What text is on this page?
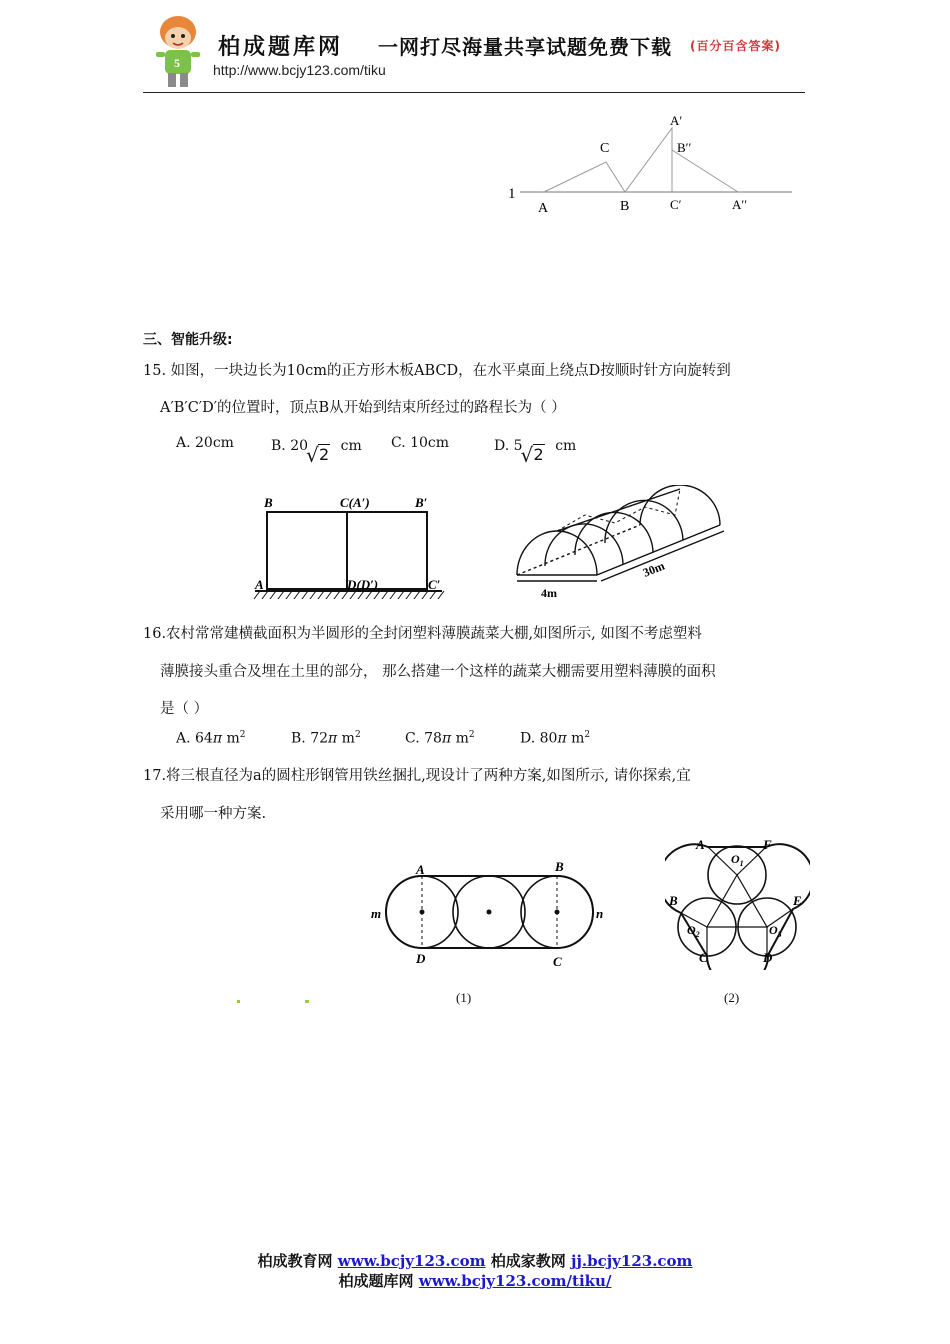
5
柏成题库网 一网打尽海量共享试题免费下载 (百分百含答案)
http://www.bcjy123.com/tiku
1
A	B
C
A′
B′′
C′	A′′
三、智能升级:
15. 如图，一块边长为10cm的正方形木板ABCD，在水平桌面上绕点D按顺时针方向旋转到
A′B′C′D′的位置时，顶点B从开始到结束所经过的路程长为（ ）
A. 20cm	B. 20 √ 2 cm C. 10cm	D. 5 √ 2 cm
B	C(A′)	B′
A	D(D′)	C′
30m
4m
16.农村常常建横截面积为半圆形的全封闭塑料薄膜蔬菜大棚,如图所示, 如图不考虑塑料
薄膜接头重合及埋在土里的部分， 那么搭建一个这样的蔬菜大棚需要用塑料薄膜的面积
是（ ）
A. 64π $m^2$	B. 72π $m^2$	C. 78π $m^2$	D. 80π $m^2$
17.将三根直径为a的圆柱形钢管用铁丝捆扎,现设计了两种方案,如图所示, 请你探索,宜
采用哪一种方案.
A	B
D	C
m	n
(1)
A	F
B	E
C	D
$O_1$
$O_2$	$O_3$
(2)
柏成教育网 www.bcjy123.com 柏成家教网 jj.bcjy123.com
柏成题库网 www.bcjy123.com/tiku/
